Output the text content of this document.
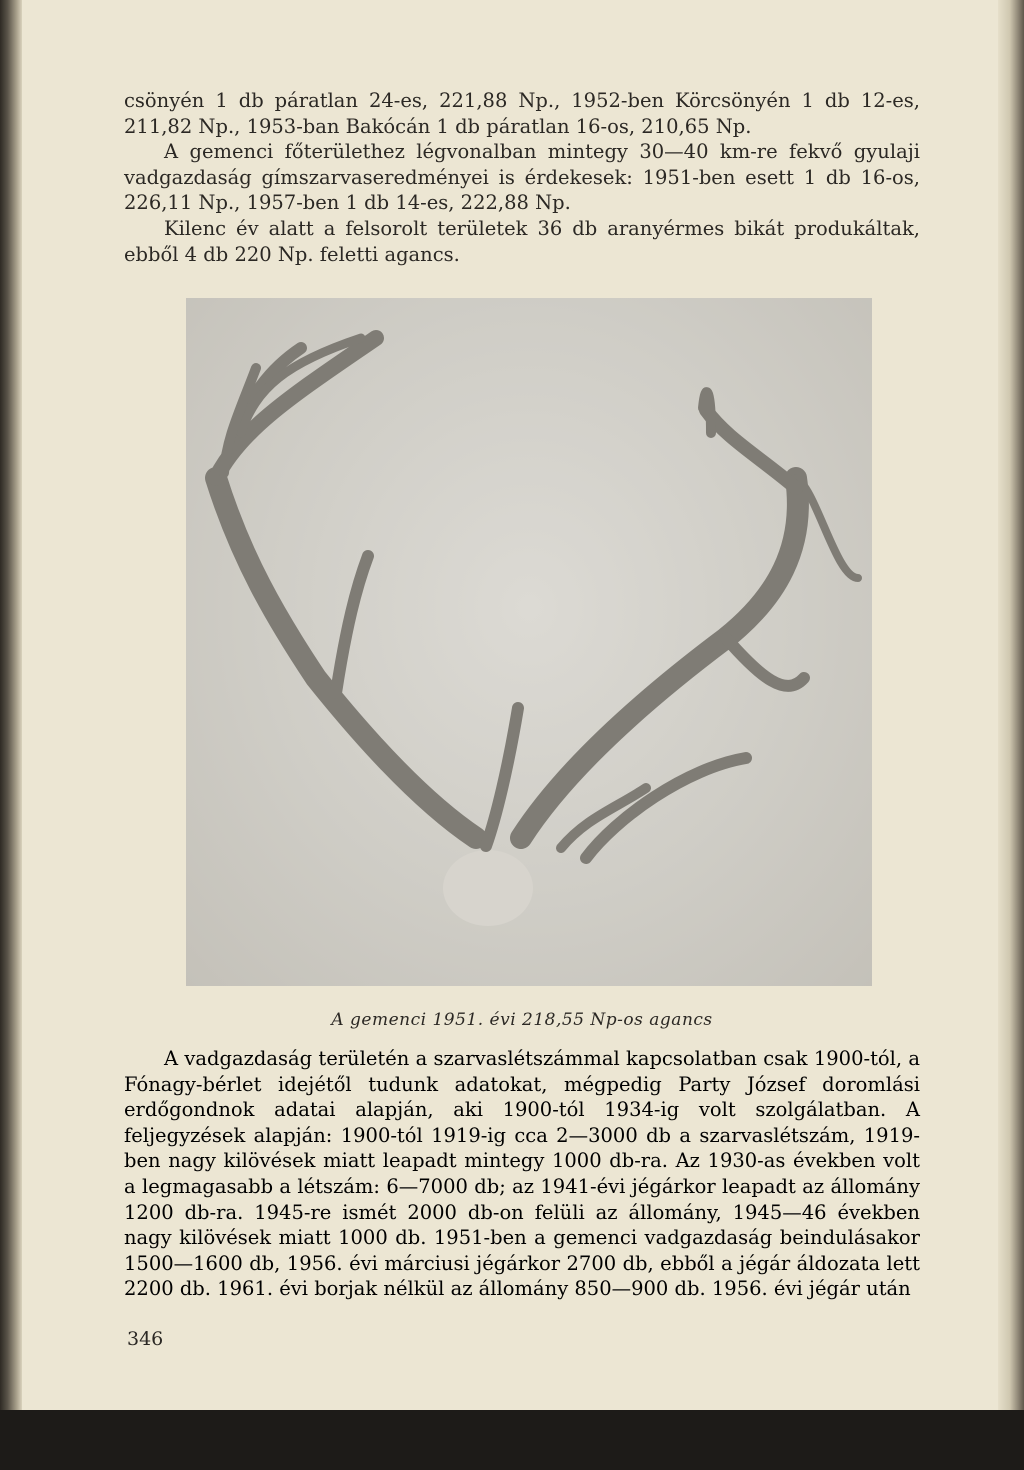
csönyén 1 db páratlan 24-es, 221,88 Np., 1952-ben Körcsönyén 1 db 12-es, 211,82 Np., 1953-ban Bakócán 1 db páratlan 16-os, 210,65 Np.

A gemenci főterülethez légvonalban mintegy 30—40 km-re fekvő gyulaji vadgazdaság gímszarvaseredményei is érdekesek: 1951-ben esett 1 db 16-os, 226,11 Np., 1957-ben 1 db 14-es, 222,88 Np.

Kilenc év alatt a felsorolt területek 36 db aranyérmes bikát produkáltak, ebből 4 db 220 Np. feletti agancs.

A gemenci 1951. évi 218,55 Np-os agancs

A vadgazdaság területén a szarvaslétszámmal kapcsolatban csak 1900-tól, a Fónagy-bérlet idejétől tudunk adatokat, mégpedig Party József doromlási erdőgondnok adatai alapján, aki 1900-tól 1934-ig volt szolgálatban. A feljegyzések alapján: 1900-tól 1919-ig cca 2—3000 db a szarvaslétszám, 1919-ben nagy kilövések miatt leapadt mintegy 1000 db-ra. Az 1930-as években volt a legmagasabb a létszám: 6—7000 db; az 1941-évi jégárkor leapadt az állomány 1200 db-ra. 1945-re ismét 2000 db-on felüli az állomány, 1945—46 években nagy kilövések miatt 1000 db. 1951-ben a gemenci vadgazdaság beindulásakor 1500—1600 db, 1956. évi márciusi jégárkor 2700 db, ebből a jégár áldozata lett 2200 db. 1961. évi borjak nélkül az állomány 850—900 db. 1956. évi jégár után

346
